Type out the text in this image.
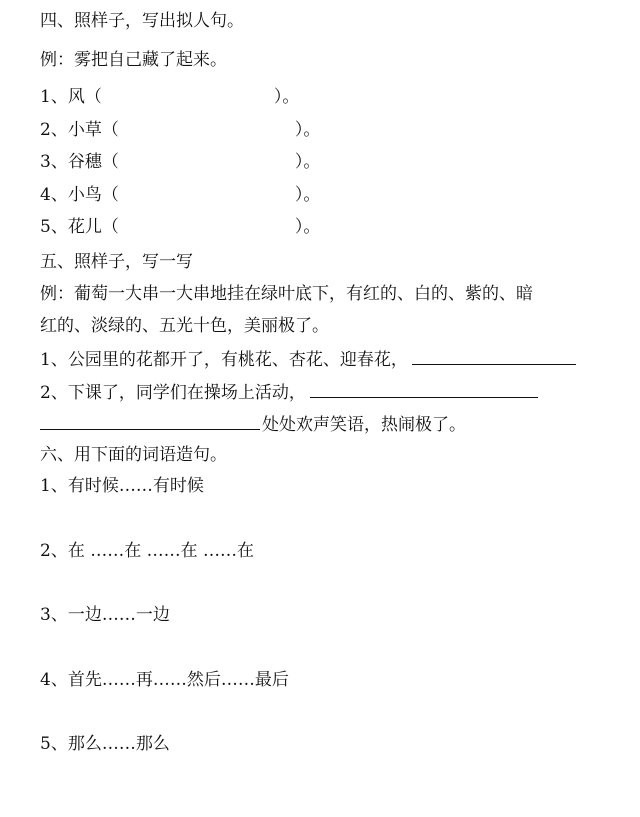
四、照样子，写出拟人句。
例：雾把自己藏了起来。
1、风（	）。
2、小草（	）。
3、谷穗（	）。
4、小鸟（	）。
5、花儿（	）。
五、照样子，写一写
例：葡萄一大串一大串地挂在绿叶底下，有红的、白的、紫的、暗
红的、淡绿的、五光十色，美丽极了。
1、公园里的花都开了，有桃花、杏花、迎春花，
2、下课了，同学们在操场上活动，
处处欢声笑语，热闹极了。
六、用下面的词语造句。
1、有时候……有时候
2、在 ……在 ……在 ……在
3、一边……一边
4、首先……再……然后……最后
5、那么……那么
